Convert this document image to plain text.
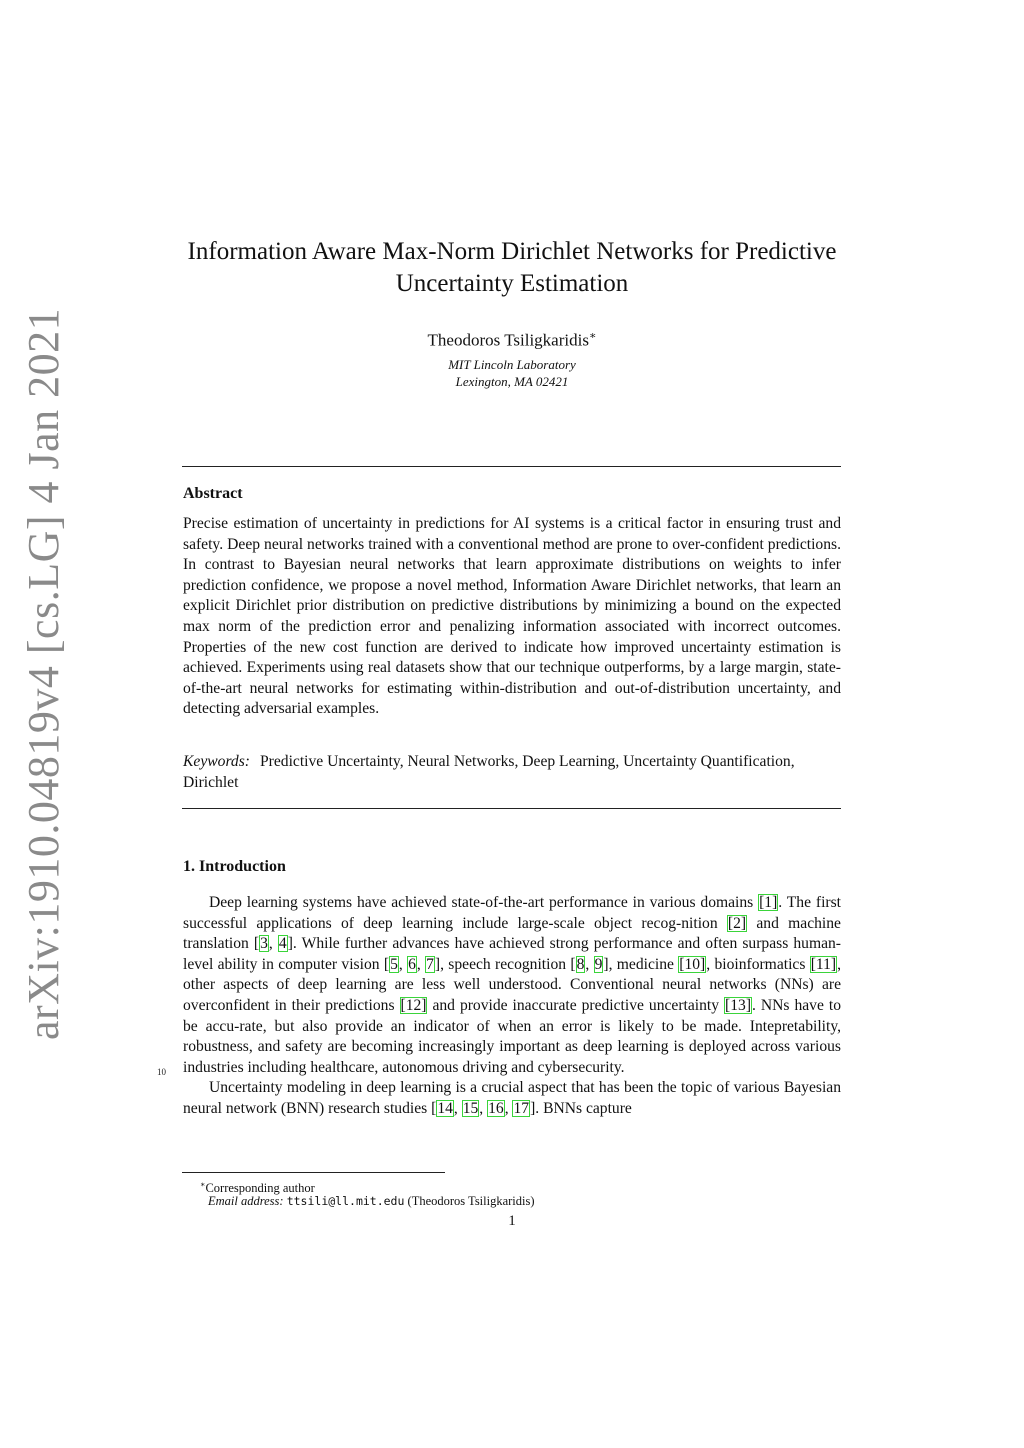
arXiv:1910.04819v4 [cs.LG] 4 Jan 2021
Information Aware Max-Norm Dirichlet Networks for Predictive Uncertainty Estimation
Theodoros Tsiligkaridis∗
MIT Lincoln Laboratory
Lexington, MA 02421
Abstract

Precise estimation of uncertainty in predictions for AI systems is a critical factor in ensuring trust and safety. Deep neural networks trained with a conventional method are prone to over-confident predictions. In contrast to Bayesian neural networks that learn approximate distributions on weights to infer prediction confidence, we propose a novel method, Information Aware Dirichlet networks, that learn an explicit Dirichlet prior distribution on predictive distributions by minimizing a bound on the expected max norm of the prediction error and penalizing information associated with incorrect outcomes. Properties of the new cost function are derived to indicate how improved uncertainty estimation is achieved. Experiments using real datasets show that our technique outperforms, by a large margin, state-of-the-art neural networks for estimating within-distribution and out-of-distribution uncertainty, and detecting adversarial examples.

Keywords: Predictive Uncertainty, Neural Networks, Deep Learning, Uncertainty Quantification, Dirichlet

1. Introduction

Deep learning systems have achieved state-of-the-art performance in various domains [1]. The first successful applications of deep learning include large-scale object recog-nition [2] and machine translation [3, 4]. While further advances have achieved strong performance and often surpass human-level ability in computer vision [5, 6, 7], speech recognition [8, 9], medicine [10], bioinformatics [11], other aspects of deep learning are less well understood. Conventional neural networks (NNs) are overconfident in their predictions [12] and provide inaccurate predictive uncertainty [13]. NNs have to be accu-rate, but also provide an indicator of when an error is likely to be made. Intepretability, robustness, and safety are becoming increasingly important as deep learning is deployed across various industries including healthcare, autonomous driving and cybersecurity.

Uncertainty modeling in deep learning is a crucial aspect that has been the topic of various Bayesian neural network (BNN) research studies [14, 15, 16, 17]. BNNs capture

10
∗Corresponding author
Email address: ttsili@ll.mit.edu (Theodoros Tsiligkaridis)
1
